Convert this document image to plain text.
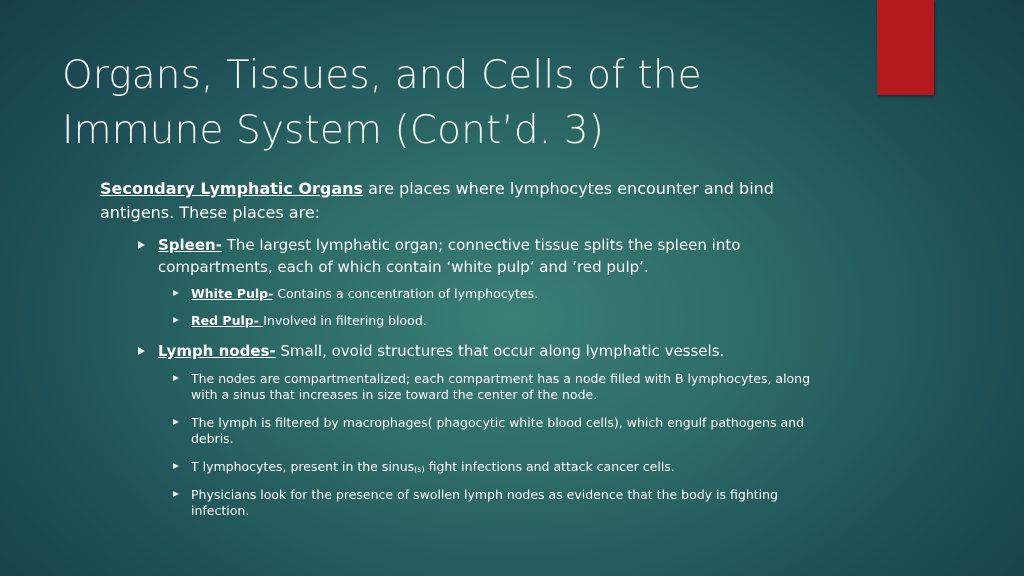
Organs, Tissues, and Cells of the
Immune System (Cont’d. 3)
Secondary Lymphatic Organs are places where lymphocytes encounter and bind antigens. These places are:
Spleen- The largest lymphatic organ; connective tissue splits the spleen into compartments, each of which contain ‘white pulp’ and ‘red pulp’.
White Pulp- Contains a concentration of lymphocytes.
Red Pulp- Involved in filtering blood.
Lymph nodes- Small, ovoid structures that occur along lymphatic vessels.
The nodes are compartmentalized; each compartment has a node filled with B lymphocytes, along with a sinus that increases in size toward the center of the node.
The lymph is filtered by macrophages( phagocytic white blood cells), which engulf pathogens and debris.
T lymphocytes, present in the sinus(s) fight infections and attack cancer cells.
Physicians look for the presence of swollen lymph nodes as evidence that the body is fighting infection.
